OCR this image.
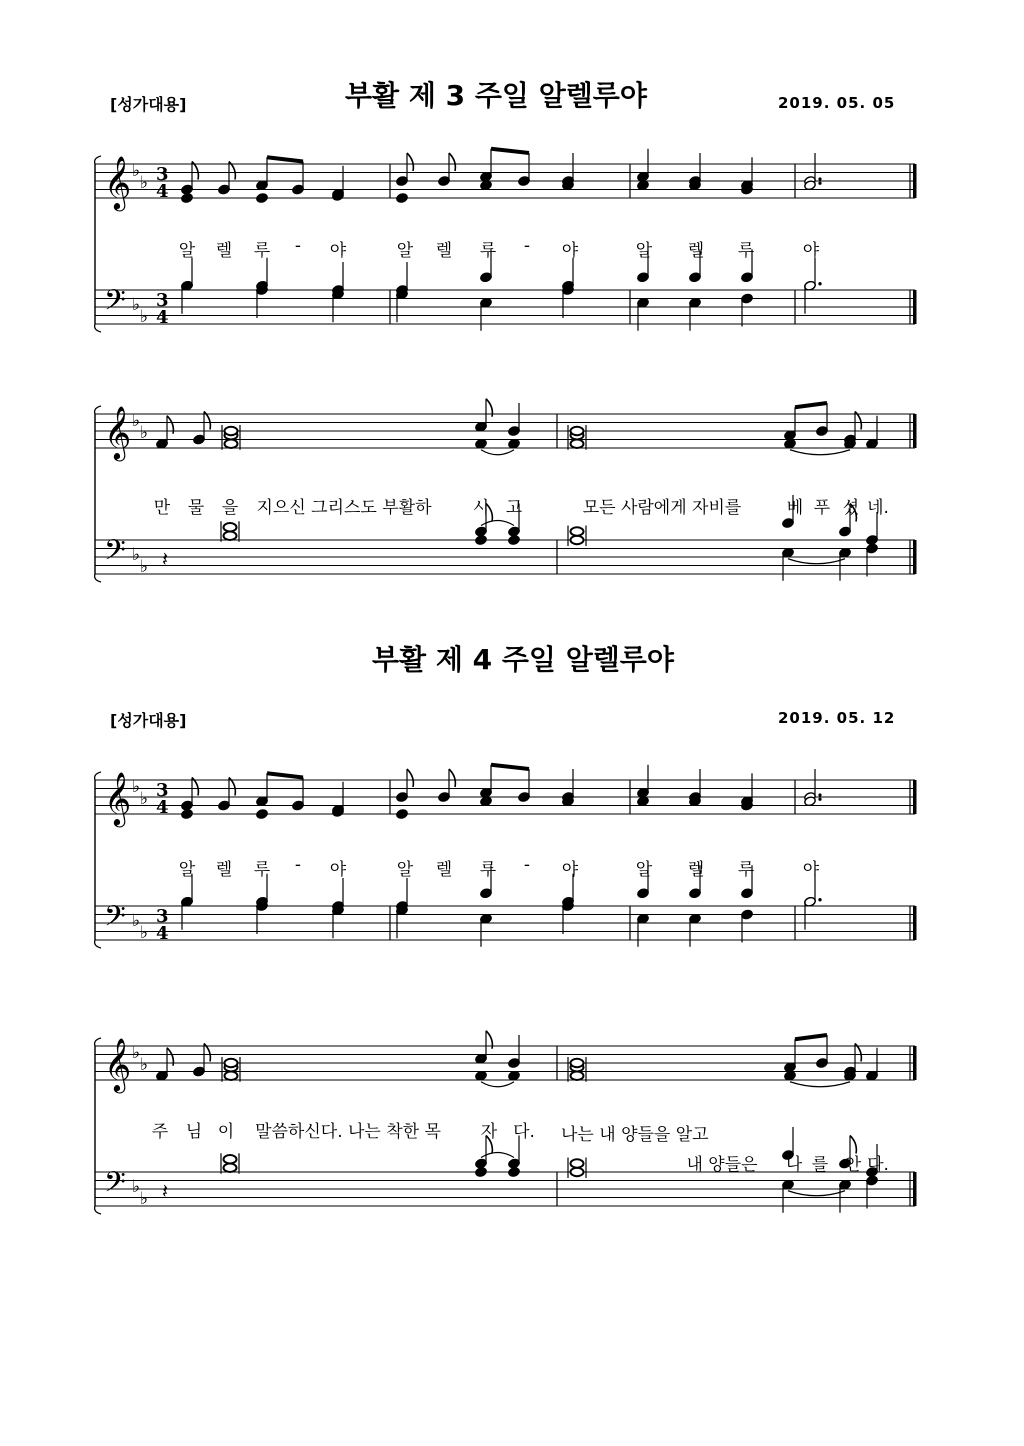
[성가대용]	부활 제 3 주일 알렐루야	2019. 05. 05
𝄞
𝄢
♭
♭
♭
♭
3
3
4
4
알 렐 루 - 야	알 렐 루 - 야	알 렐 루	야
𝄞
𝄢
♭
♭
♭
♭ 𝄽
만 물 을 지으신 그리스도 부활하 시 고	모든 사람에게 자비를	베 푸 셨 네.
부활 제 4 주일 알렐루야
[성가대용]	2019. 05. 12
𝄞
𝄢
♭
♭
♭
♭
3
3
4
4
알 렐 루 - 야	알 렐 루 - 야	알 렐 루	야
𝄞
𝄢
♭
♭
♭
♭ 𝄽
주 님 이 말씀하신다. 나는 착한 목 자 다. 나는 내 양들을 알고
내 양들은 나 를 안 다.
